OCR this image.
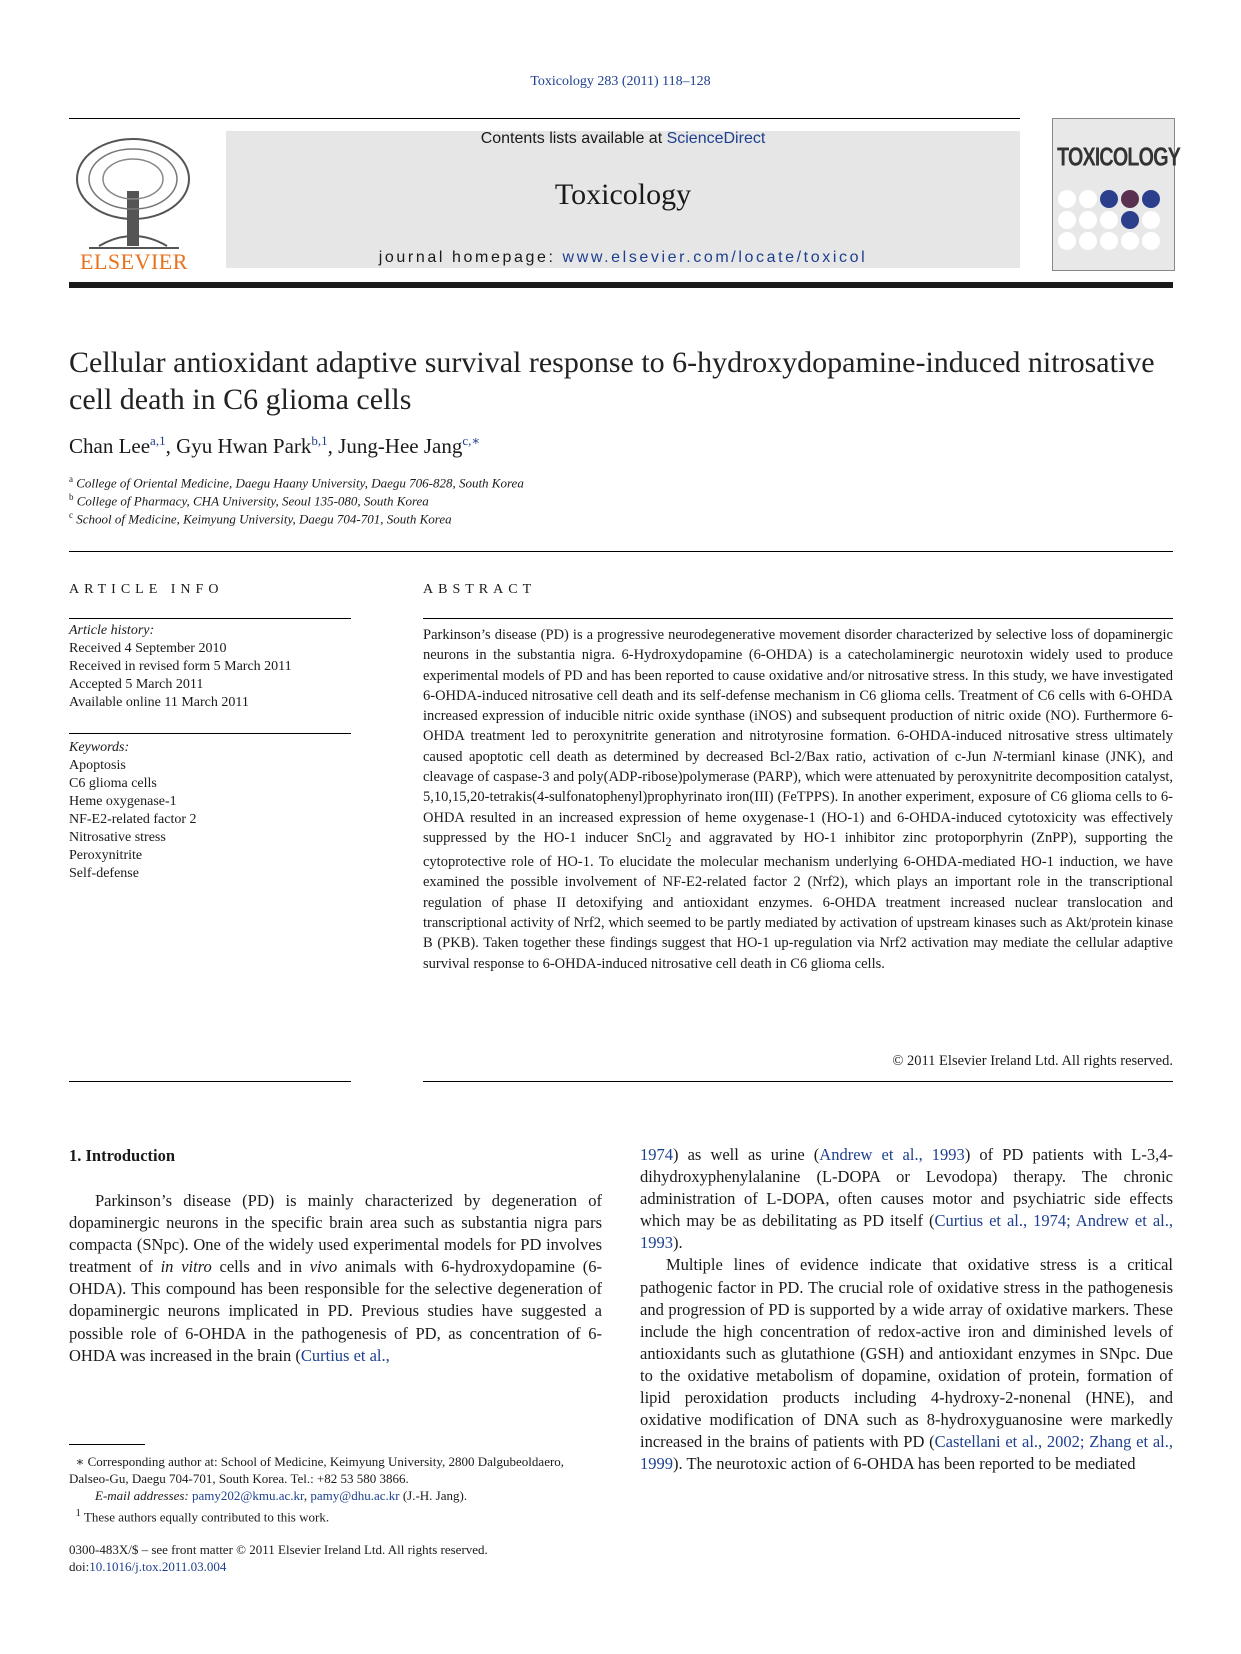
Toxicology 283 (2011) 118–128
ELSEVIER
Contents lists available at ScienceDirect
Toxicology
journal homepage: www.elsevier.com/locate/toxicol
TOXICOLOGY
Cellular antioxidant adaptive survival response to 6-hydroxydopamine-induced nitrosative cell death in C6 glioma cells
Chan Lee$^{a,1}$, Gyu Hwan Park$^{b,1}$, Jung-Hee Jang$^{c,∗}$
$^a$ College of Oriental Medicine, Daegu Haany University, Daegu 706-828, South Korea
$^b$ College of Pharmacy, CHA University, Seoul 135-080, South Korea
$^c$ School of Medicine, Keimyung University, Daegu 704-701, South Korea
ARTICLE INFO
Article history:
Received 4 September 2010
Received in revised form 5 March 2011
Accepted 5 March 2011
Available online 11 March 2011
Keywords:
Apoptosis
C6 glioma cells
Heme oxygenase-1
NF-E2-related factor 2
Nitrosative stress
Peroxynitrite
Self-defense
ABSTRACT
Parkinson’s disease (PD) is a progressive neurodegenerative movement disorder characterized by selective loss of dopaminergic neurons in the substantia nigra. 6-Hydroxydopamine (6-OHDA) is a catecholaminergic neurotoxin widely used to produce experimental models of PD and has been reported to cause oxidative and/or nitrosative stress. In this study, we have investigated 6-OHDA-induced nitrosative cell death and its self-defense mechanism in C6 glioma cells. Treatment of C6 cells with 6-OHDA increased expression of inducible nitric oxide synthase (iNOS) and subsequent production of nitric oxide (NO). Furthermore 6-OHDA treatment led to peroxynitrite generation and nitrotyrosine formation. 6-OHDA-induced nitrosative stress ultimately caused apoptotic cell death as determined by decreased Bcl-2/Bax ratio, activation of c-Jun N-termianl kinase (JNK), and cleavage of caspase-3 and poly(ADP-ribose)polymerase (PARP), which were attenuated by peroxynitrite decomposition catalyst, 5,10,15,20-tetrakis(4-sulfonatophenyl)prophyrinato iron(III) (FeTPPS). In another experiment, exposure of C6 glioma cells to 6-OHDA resulted in an increased expression of heme oxygenase-1 (HO-1) and 6-OHDA-induced cytotoxicity was effectively suppressed by the HO-1 inducer SnCl$_2$ and aggravated by HO-1 inhibitor zinc protoporphyrin (ZnPP), supporting the cytoprotective role of HO-1. To elucidate the molecular mechanism underlying 6-OHDA-mediated HO-1 induction, we have examined the possible involvement of NF-E2-related factor 2 (Nrf2), which plays an important role in the transcriptional regulation of phase II detoxifying and antioxidant enzymes. 6-OHDA treatment increased nuclear translocation and transcriptional activity of Nrf2, which seemed to be partly mediated by activation of upstream kinases such as Akt/protein kinase B (PKB). Taken together these findings suggest that HO-1 up-regulation via Nrf2 activation may mediate the cellular adaptive survival response to 6-OHDA-induced nitrosative cell death in C6 glioma cells.
© 2011 Elsevier Ireland Ltd. All rights reserved.
1. Introduction

Parkinson’s disease (PD) is mainly characterized by degeneration of dopaminergic neurons in the specific brain area such as substantia nigra pars compacta (SNpc). One of the widely used experimental models for PD involves treatment of in vitro cells and in vivo animals with 6-hydroxydopamine (6-OHDA). This compound has been responsible for the selective degeneration of dopaminergic neurons implicated in PD. Previous studies have suggested a possible role of 6-OHDA in the pathogenesis of PD, as concentration of 6-OHDA was increased in the brain (Curtius et al.,

1974) as well as urine (Andrew et al., 1993) of PD patients with L-3,4-dihydroxyphenylalanine (L-DOPA or Levodopa) therapy. The chronic administration of L-DOPA, often causes motor and psychiatric side effects which may be as debilitating as PD itself (Curtius et al., 1974; Andrew et al., 1993).

Multiple lines of evidence indicate that oxidative stress is a critical pathogenic factor in PD. The crucial role of oxidative stress in the pathogenesis and progression of PD is supported by a wide array of oxidative markers. These include the high concentration of redox-active iron and diminished levels of antioxidants such as glutathione (GSH) and antioxidant enzymes in SNpc. Due to the oxidative metabolism of dopamine, oxidation of protein, formation of lipid peroxidation products including 4-hydroxy-2-nonenal (HNE), and oxidative modification of DNA such as 8-hydroxyguanosine were markedly increased in the brains of patients with PD (Castellani et al., 2002; Zhang et al., 1999). The neurotoxic action of 6-OHDA has been reported to be mediated

∗ Corresponding author at: School of Medicine, Keimyung University, 2800 Dalgubeoldaero, Dalseo-Gu, Daegu 704-701, South Korea. Tel.: +82 53 580 3866.
E-mail addresses: pamy202@kmu.ac.kr, pamy@dhu.ac.kr (J.-H. Jang).
$^1$ These authors equally contributed to this work.
0300-483X/$ – see front matter © 2011 Elsevier Ireland Ltd. All rights reserved.
doi:10.1016/j.tox.2011.03.004
